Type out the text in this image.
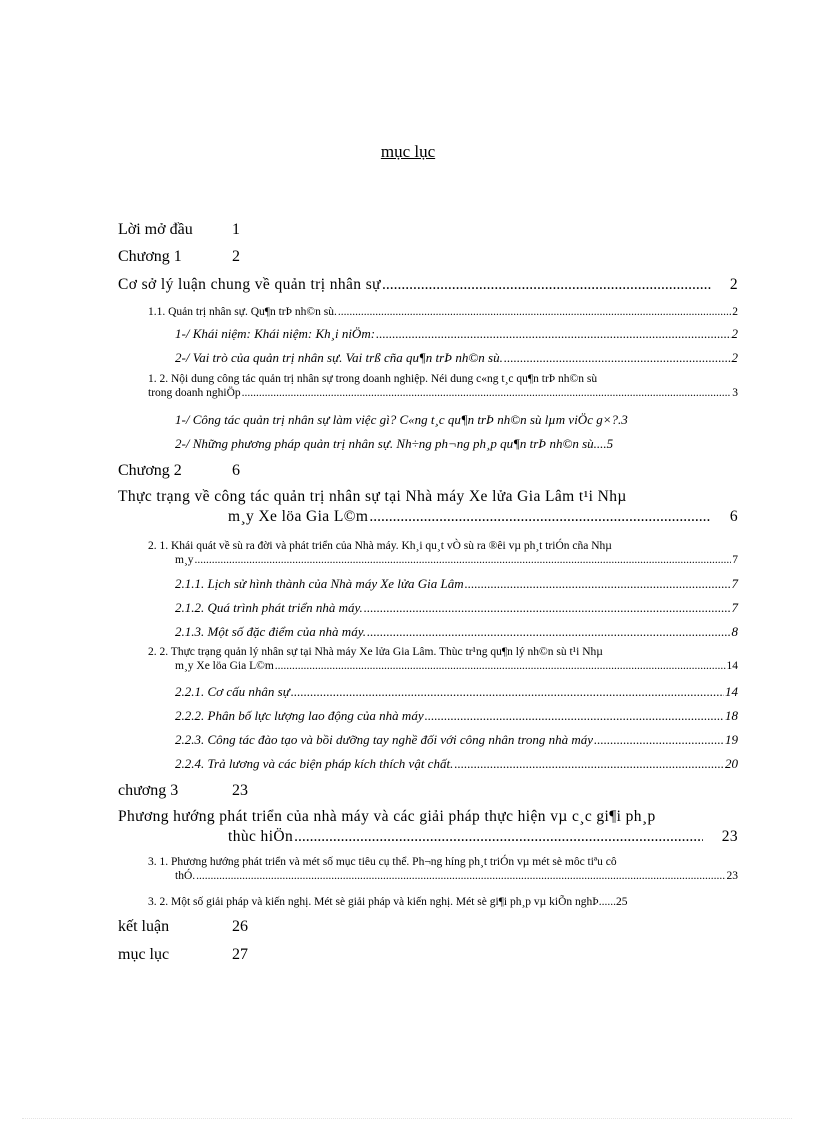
mục lục
Lời mở đầu 1
Chương 1	2
Cơ sở lý luận chung về quản trị nhân sự .....	2
1.1. Quản trị nhân sự. Qu¶n trÞ nh©n sù. .....	2
1-/ Khái niệm: Khái niệm: Kh¸i niÖm: .....	2
2-/ Vai trò của quản trị nhân sự. Vai trß cña qu¶n trÞ nh©n sù. .....	2
1. 2. Nội dung công tác quản trị nhân sự trong doanh nghiệp. Néi dung c«ng t¸c qu¶n trÞ nh©n sù
trong doanh nghiÖp .....	3
1-/ Công tác quản trị nhân sự làm việc gì? C«ng t¸c qu¶n trÞ nh©n sù lµm viÖc g×? .3
2-/ Những phương pháp quản trị nhân sự. Nh÷ng ph¬ng ph¸p qu¶n trÞ nh©n sù ....5
Chương 2	6
Thực trạng về công tác quản trị nhân sự tại Nhà máy Xe lửa Gia Lâm t¹i Nhµ
m¸y Xe löa Gia L©m .....	6
2. 1. Khái quát về sù ra đời và phát triển của Nhà máy. Kh¸i qu¸t vÒ sù ra ®êi vµ ph¸t triÓn cña Nhµ
m¸y .....	7
2.1.1. Lịch sử hình thành của Nhà máy Xe lửa Gia Lâm .....	7
2.1.2. Quá trình phát triển nhà máy. .....	7
2.1.3. Một số đặc điểm của nhà máy. .....	8
2. 2. Thực trạng quản lý nhân sự tại Nhà máy Xe lửa Gia Lâm. Thùc tr¹ng qu¶n lý nh©n sù t¹i Nhµ
m¸y Xe löa Gia L©m .....	14
2.2.1. Cơ cấu nhân sự .....	14
2.2.2. Phân bố lực lượng lao động của nhà máy .....	18
2.2.3. Công tác đào tạo và bồi dưỡng tay nghề đối với công nhân trong nhà máy .....	19
2.2.4. Trả lương và các biện pháp kích thích vật chất. .....	20
chương 3	23
Phương hướng phát triển của nhà máy và các giải pháp thực hiện vµ c¸c gi¶i ph¸p
thùc hiÖn .....	23
3. 1. Phương hướng phát triển và mét số mục tiêu cụ thể. Ph¬ng híng ph¸t triÓn vµ mét sè môc tiªu cô
thÓ. .....	23
3. 2. Một số giải pháp và kiến nghị. Mét sè giải pháp và kiến nghị. Mét sè gi¶i ph¸p vµ kiÕn nghÞ ......25
kết luận	26
mục lục	27
